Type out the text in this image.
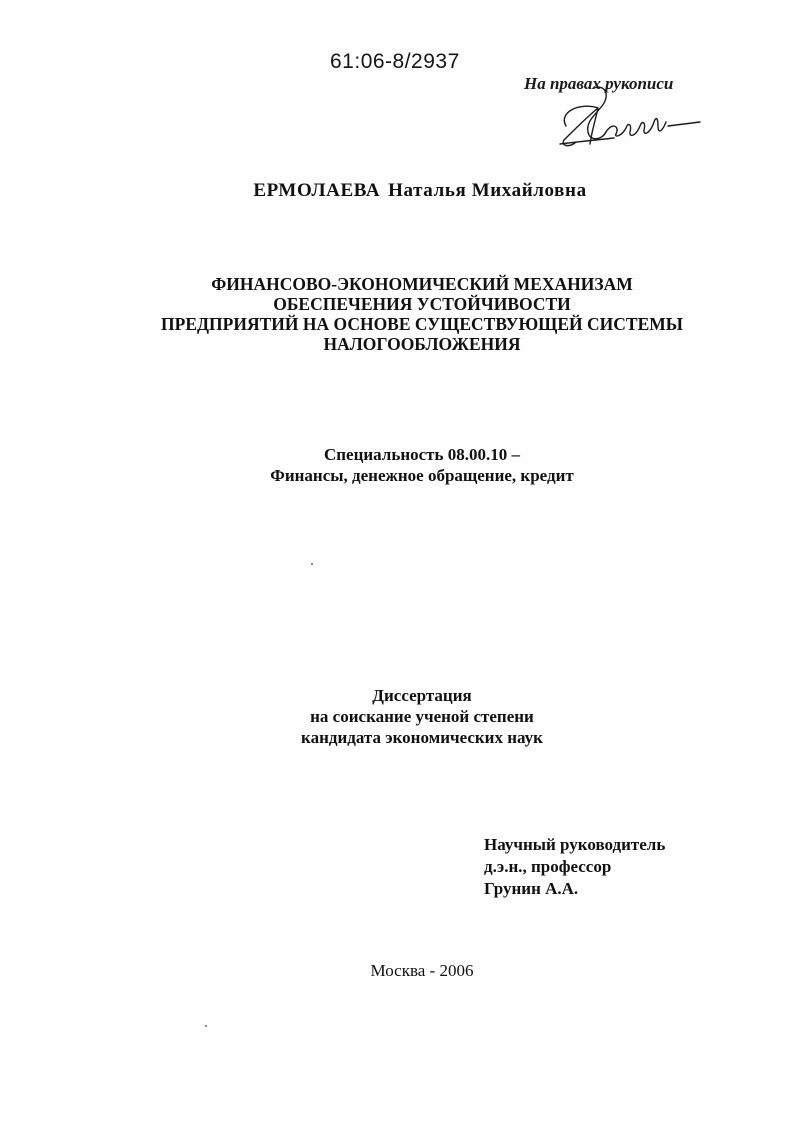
61:06-8/2937
На правах рукописи
ЕРМОЛАЕВА Наталья Михайловна
ФИНАНСОВО-ЭКОНОМИЧЕСКИЙ МЕХАНИЗАМ
ОБЕСПЕЧЕНИЯ УСТОЙЧИВОСТИ
ПРЕДПРИЯТИЙ НА ОСНОВЕ СУЩЕСТВУЮЩЕЙ СИСТЕМЫ
НАЛОГООБЛОЖЕНИЯ
Специальность 08.00.10 –
Финансы, денежное обращение, кредит
Диссертация
на соискание ученой степени
кандидата экономических наук
Научный руководитель
д.э.н., профессор
Грунин А.А.
Москва - 2006
